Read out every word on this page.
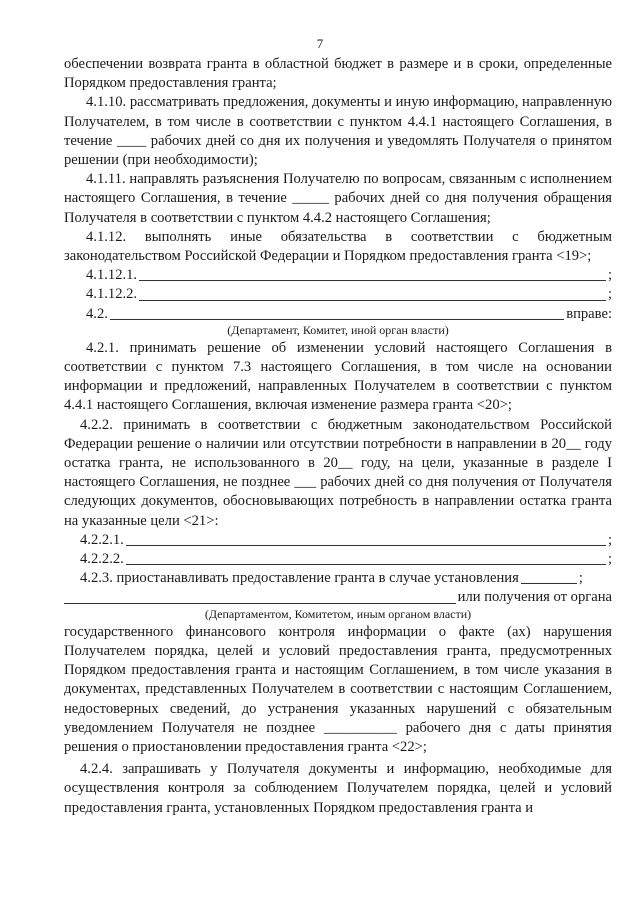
7

обеспечении возврата гранта в областной бюджет в размере и в сроки, определенные Порядком предоставления гранта;

4.1.10. рассматривать предложения, документы и иную информацию, направленную Получателем, в том числе в соответствии с пунктом 4.4.1 настоящего Соглашения, в течение ____ рабочих дней со дня их получения и уведомлять Получателя о принятом решении (при необходимости);

4.1.11. направлять разъяснения Получателю по вопросам, связанным с исполнением настоящего Соглашения, в течение _____ рабочих дней со дня получения обращения Получателя в соответствии с пунктом 4.4.2 настоящего Соглашения;

4.1.12. выполнять иные обязательства в соответствии с бюджетным законодательством Российской Федерации и Порядком предоставления гранта <19>;

4.1.12.1.	;
4.1.12.2.	;
4.2.	вправе:
(Департамент, Комитет, иной орган власти)

4.2.1. принимать решение об изменении условий настоящего Соглашения в соответствии с пунктом 7.3 настоящего Соглашения, в том числе на основании информации и предложений, направленных Получателем в соответствии с пунктом 4.4.1 настоящего Соглашения, включая изменение размера гранта <20>;

4.2.2. принимать в соответствии с бюджетным законодательством Российской Федерации решение о наличии или отсутствии потребности в направлении в 20__ году остатка гранта, не использованного в 20__ году, на цели, указанные в разделе I настоящего Соглашения, не позднее ___ рабочих дней со дня получения от Получателя следующих документов, обосновывающих потребность в направлении остатка гранта на указанные цели <21>:

4.2.2.1.	;
4.2.2.2.	;
4.2.3. приостанавливать предоставление гранта в случае установления	;
или получения от органа
(Департаментом, Комитетом, иным органом власти)

государственного финансового контроля информации о факте (ах) нарушения Получателем порядка, целей и условий предоставления гранта, предусмотренных Порядком предоставления гранта и настоящим Соглашением, в том числе указания в документах, представленных Получателем в соответствии с настоящим Соглашением, недостоверных сведений, до устранения указанных нарушений с обязательным уведомлением Получателя не позднее __________ рабочего дня с даты принятия решения о приостановлении предоставления гранта <22>;

4.2.4. запрашивать у Получателя документы и информацию, необходимые для осуществления контроля за соблюдением Получателем порядка, целей и условий предоставления гранта, установленных Порядком предоставления гранта и
